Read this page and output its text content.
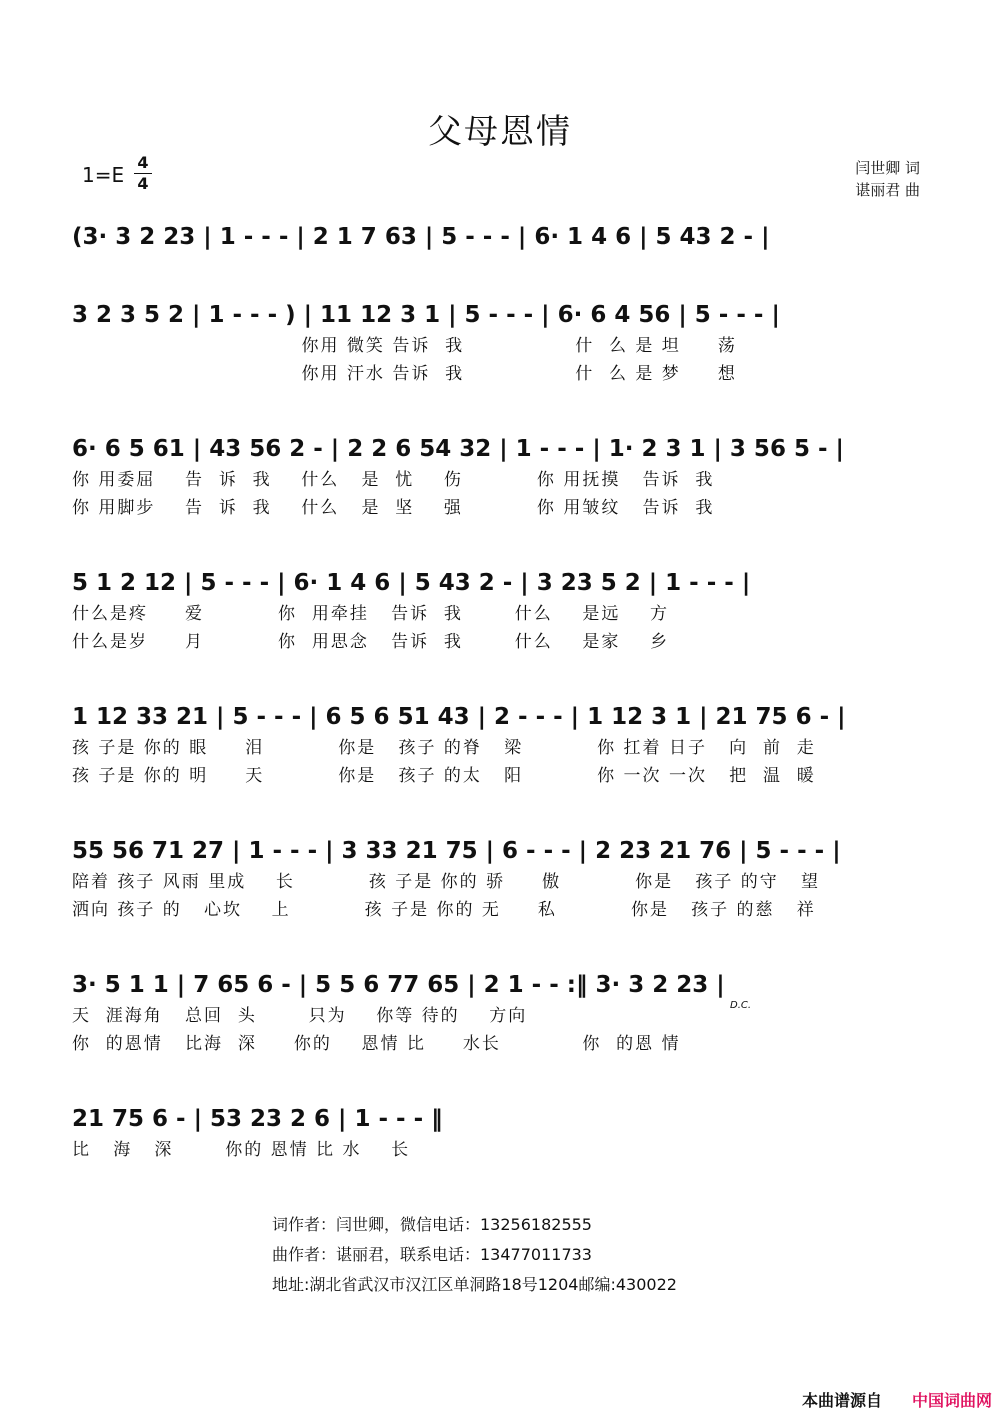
父母恩情
1=E
4
4
闫世卿 词
谌丽君 曲
(3· 3 2 23 | 1 - - - | 2 1 7 63 | 5 - - - | 6· 1 4 6 | 5 43 2 - |
3 2 3 5 2 | 1 - - - ) | 11 12 3 1 | 5 - - - | 6· 6 4 56 | 5 - - - |
你用 微笑 告诉  我               什  么 是 坦     荡
你用 汗水 告诉  我               什  么 是 梦     想
6· 6 5 61 | 43 56 2 - | 2 2 6 54 32 | 1 - - - | 1· 2 3 1 | 3 56 5 - |
你 用委屈    告  诉  我    什么   是  忧    伤          你 用抚摸   告诉  我
你 用脚步    告  诉  我    什么   是  坚    强          你 用皱纹   告诉  我
5 1 2 12 | 5 - - - | 6· 1 4 6 | 5 43 2 - | 3 23 5 2 | 1 - - - |
什么是疼     爱          你  用牵挂   告诉  我       什么    是远    方
什么是岁     月          你  用思念   告诉  我       什么    是家    乡
1 12 33 21 | 5 - - - | 6 5 6 51 43 | 2 - - - | 1 12 3 1 | 21 75 6 - |
孩 子是 你的 眼     泪          你是   孩子 的脊   梁          你 扛着 日子   向  前  走
孩 子是 你的 明     天          你是   孩子 的太   阳          你 一次 一次   把  温  暖
55 56 71 27 | 1 - - - | 3 33 21 75 | 6 - - - | 2 23 21 76 | 5 - - - |
陪着 孩子 风雨 里成    长          孩 子是 你的 骄     傲          你是   孩子 的守   望
洒向 孩子 的   心坎    上          孩 子是 你的 无     私          你是   孩子 的慈   祥
3· 5 1 1 | 7 65 6 - | 5 5 6 77 65 | 2 1 - - :‖ 3· 3 2 23 |
天  涯海角   总回  头       只为    你等 待的    方向
你  的恩情   比海  深     你的    恩情 比     水长           你  的恩 情
D.C.
21 75 6 - | 53 23 2 6 | 1 - - - ‖
比   海   深       你的 恩情 比 水    长
词作者：闫世卿，微信电话：13256182555
曲作者：谌丽君，联系电话：13477011733
地址:湖北省武汉市汉江区单洞路18号1204邮编:430022
本曲谱源自 中国词曲网
